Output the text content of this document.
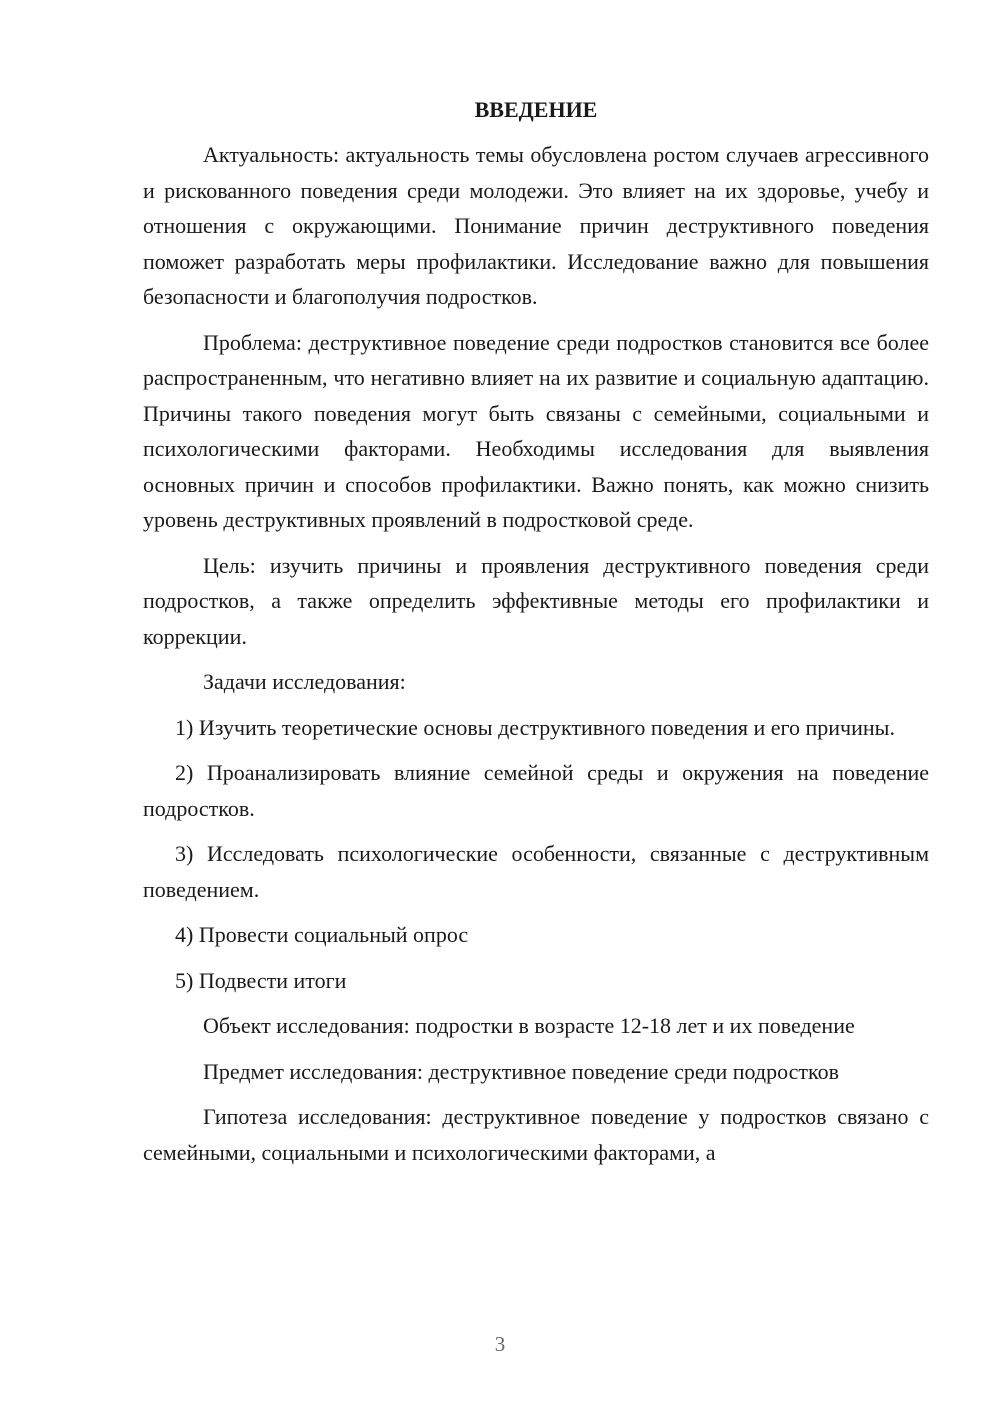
ВВЕДЕНИЕ

Актуальность: актуальность темы обусловлена ростом случаев агрессивного и рискованного поведения среди молодежи. Это влияет на их здоровье, учебу и отношения с окружающими. Понимание причин деструктивного поведения поможет разработать меры профилактики. Исследование важно для повышения безопасности и благополучия подростков.

Проблема: деструктивное поведение среди подростков становится все более распространенным, что негативно влияет на их развитие и социальную адаптацию. Причины такого поведения могут быть связаны с семейными, социальными и психологическими факторами. Необходимы исследования для выявления основных причин и способов профилактики. Важно понять, как можно снизить уровень деструктивных проявлений в подростковой среде.

Цель: изучить причины и проявления деструктивного поведения среди подростков, а также определить эффективные методы его профилактики и коррекции.

Задачи исследования:

1) Изучить теоретические основы деструктивного поведения и его причины.

2) Проанализировать влияние семейной среды и окружения на поведение подростков.

3) Исследовать психологические особенности, связанные с деструктивным поведением.

4) Провести социальный опрос

5) Подвести итоги

Объект исследования: подростки в возрасте 12-18 лет и их поведение

Предмет исследования: деструктивное поведение среди подростков

Гипотеза исследования: деструктивное поведение у подростков связано с семейными, социальными и психологическими факторами, а

3
